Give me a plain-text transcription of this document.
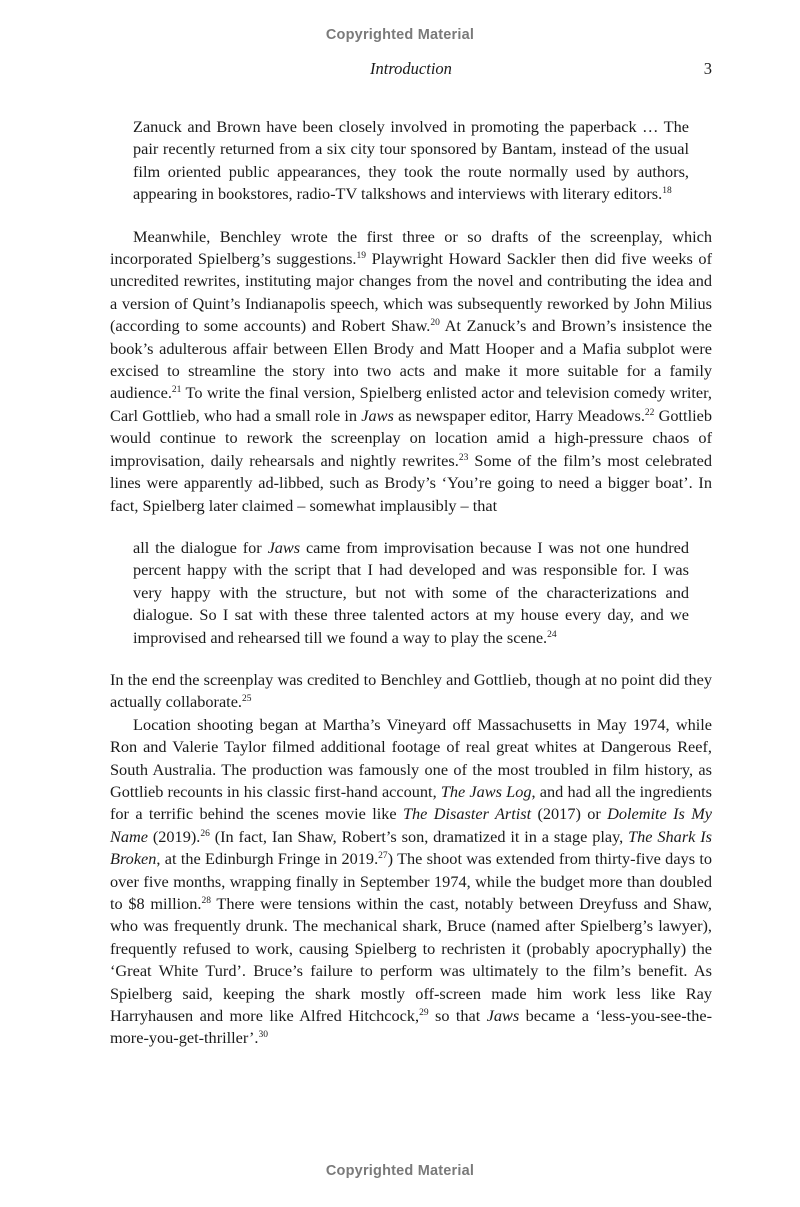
Copyrighted Material
Introduction	3

Zanuck and Brown have been closely involved in promoting the paperback … The pair recently returned from a six city tour sponsored by Bantam, instead of the usual film oriented public appearances, they took the route normally used by authors, appearing in bookstores, radio-TV talkshows and interviews with literary editors.$^{18}$

Meanwhile, Benchley wrote the first three or so drafts of the screenplay, which incorporated Spielberg’s suggestions.$^{19}$ Playwright Howard Sackler then did five weeks of uncredited rewrites, instituting major changes from the novel and contributing the idea and a version of Quint’s Indianapolis speech, which was subsequently reworked by John Milius (according to some accounts) and Robert Shaw.$^{20}$ At Zanuck’s and Brown’s insistence the book’s adulterous affair between Ellen Brody and Matt Hooper and a Mafia subplot were excised to streamline the story into two acts and make it more suitable for a family audience.$^{21}$ To write the final version, Spielberg enlisted actor and television comedy writer, Carl Gottlieb, who had a small role in Jaws as newspaper editor, Harry Meadows.$^{22}$ Gottlieb would continue to rework the screenplay on location amid a high-pressure chaos of improvisation, daily rehearsals and nightly rewrites.$^{23}$ Some of the film’s most celebrated lines were apparently ad-libbed, such as Brody’s ‘You’re going to need a bigger boat’. In fact, Spielberg later claimed – somewhat implausibly – that

all the dialogue for Jaws came from improvisation because I was not one hundred percent happy with the script that I had developed and was responsible for. I was very happy with the structure, but not with some of the characterizations and dialogue. So I sat with these three talented actors at my house every day, and we improvised and rehearsed till we found a way to play the scene.$^{24}$

In the end the screenplay was credited to Benchley and Gottlieb, though at no point did they actually collaborate.$^{25}$

Location shooting began at Martha’s Vineyard off Massachusetts in May 1974, while Ron and Valerie Taylor filmed additional footage of real great whites at Dangerous Reef, South Australia. The production was famously one of the most troubled in film history, as Gottlieb recounts in his classic first-hand account, The Jaws Log, and had all the ingredients for a terrific behind the scenes movie like The Disaster Artist (2017) or Dolemite Is My Name (2019).$^{26}$ (In fact, Ian Shaw, Robert’s son, dramatized it in a stage play, The Shark Is Broken, at the Edinburgh Fringe in 2019.27) The shoot was extended from thirty-five days to over five months, wrapping finally in September 1974, while the budget more than doubled to $8 million.$^{28}$ There were tensions within the cast, notably between Dreyfuss and Shaw, who was frequently drunk. The mechanical shark, Bruce (named after Spielberg’s lawyer), frequently refused to work, causing Spielberg to rechristen it (probably apocryphally) the ‘Great White Turd’. Bruce’s failure to perform was ultimately to the film’s benefit. As Spielberg said, keeping the shark mostly off-screen made him work less like Ray Harryhausen and more like Alfred Hitchcock,$^{29}$ so that Jaws became a ‘less-you-see-the-more-you-get-thriller’.$^{30}$

Copyrighted Material
